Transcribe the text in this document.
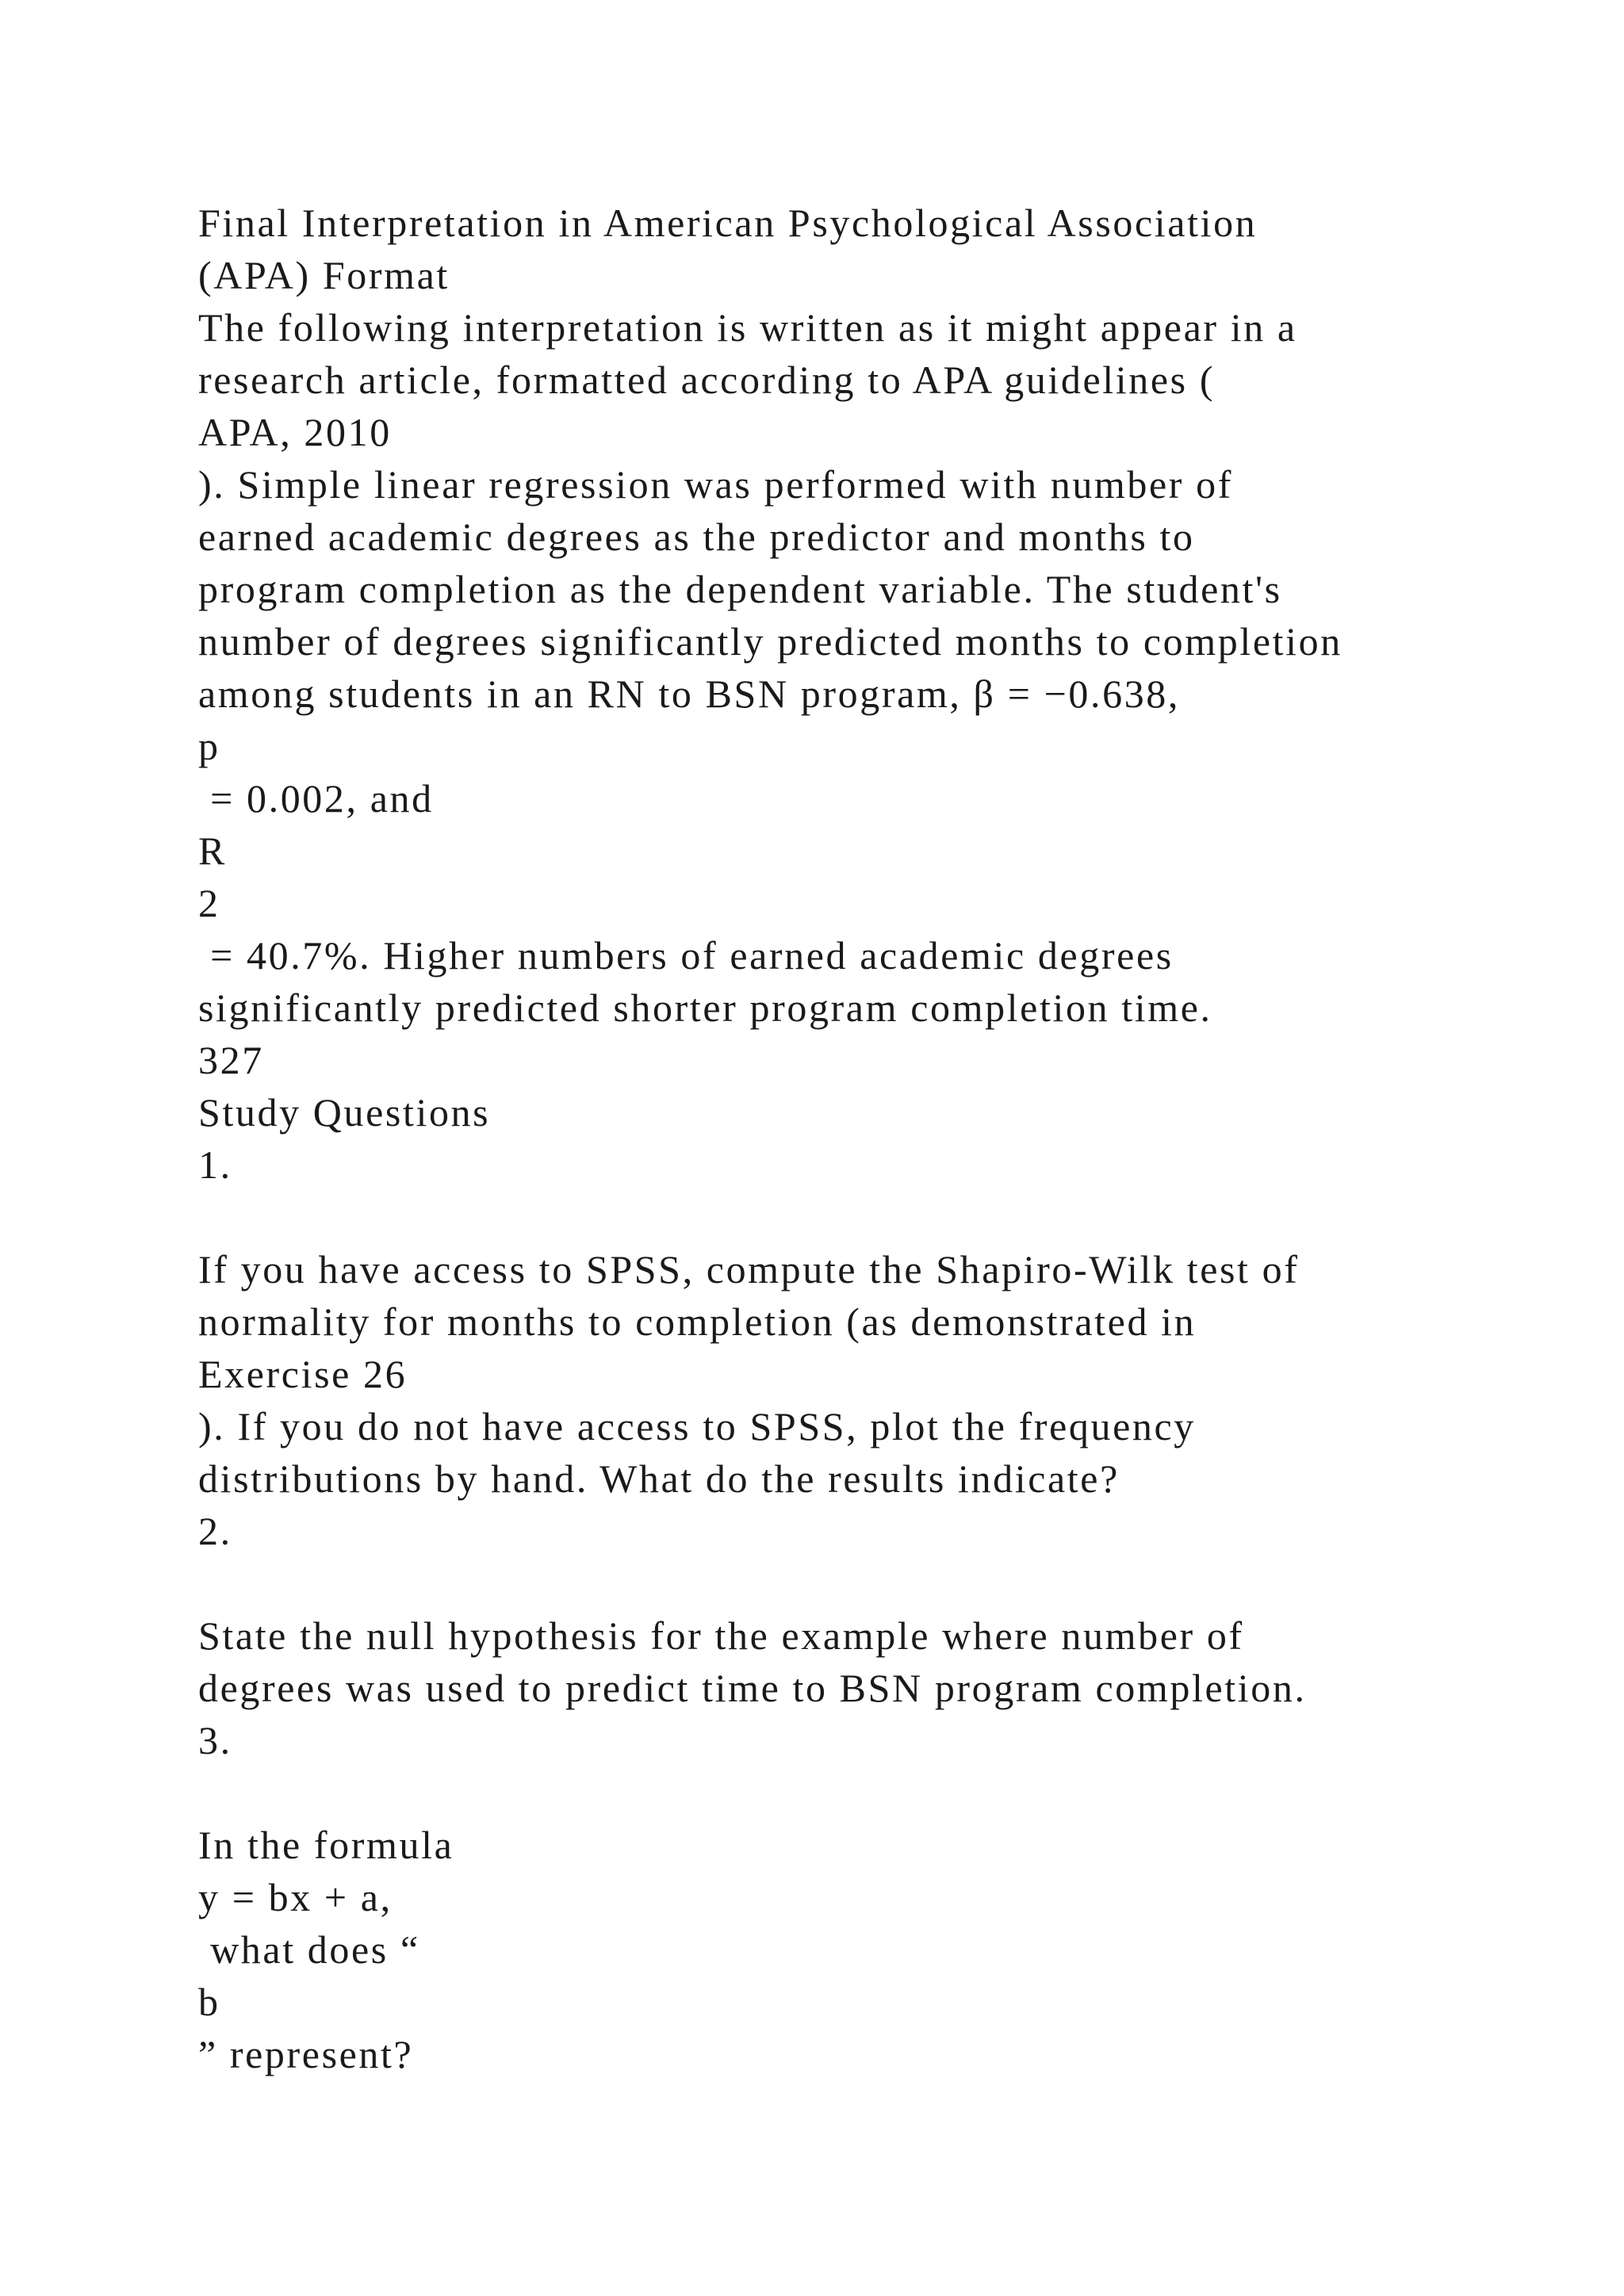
Final Interpretation in American Psychological Association
(APA) Format
The following interpretation is written as it might appear in a
research article, formatted according to APA guidelines (
APA, 2010
). Simple linear regression was performed with number of
earned academic degrees as the predictor and months to
program completion as the dependent variable. The student's
number of degrees significantly predicted months to completion
among students in an RN to BSN program, β = −0.638,
p
= 0.002, and
R
2
= 40.7%. Higher numbers of earned academic degrees
significantly predicted shorter program completion time.
327
Study Questions
1.
If you have access to SPSS, compute the Shapiro-Wilk test of
normality for months to completion (as demonstrated in
Exercise 26
). If you do not have access to SPSS, plot the frequency
distributions by hand. What do the results indicate?
2.
State the null hypothesis for the example where number of
degrees was used to predict time to BSN program completion.
3.
In the formula
y = bx + a,
what does “
b
” represent?
